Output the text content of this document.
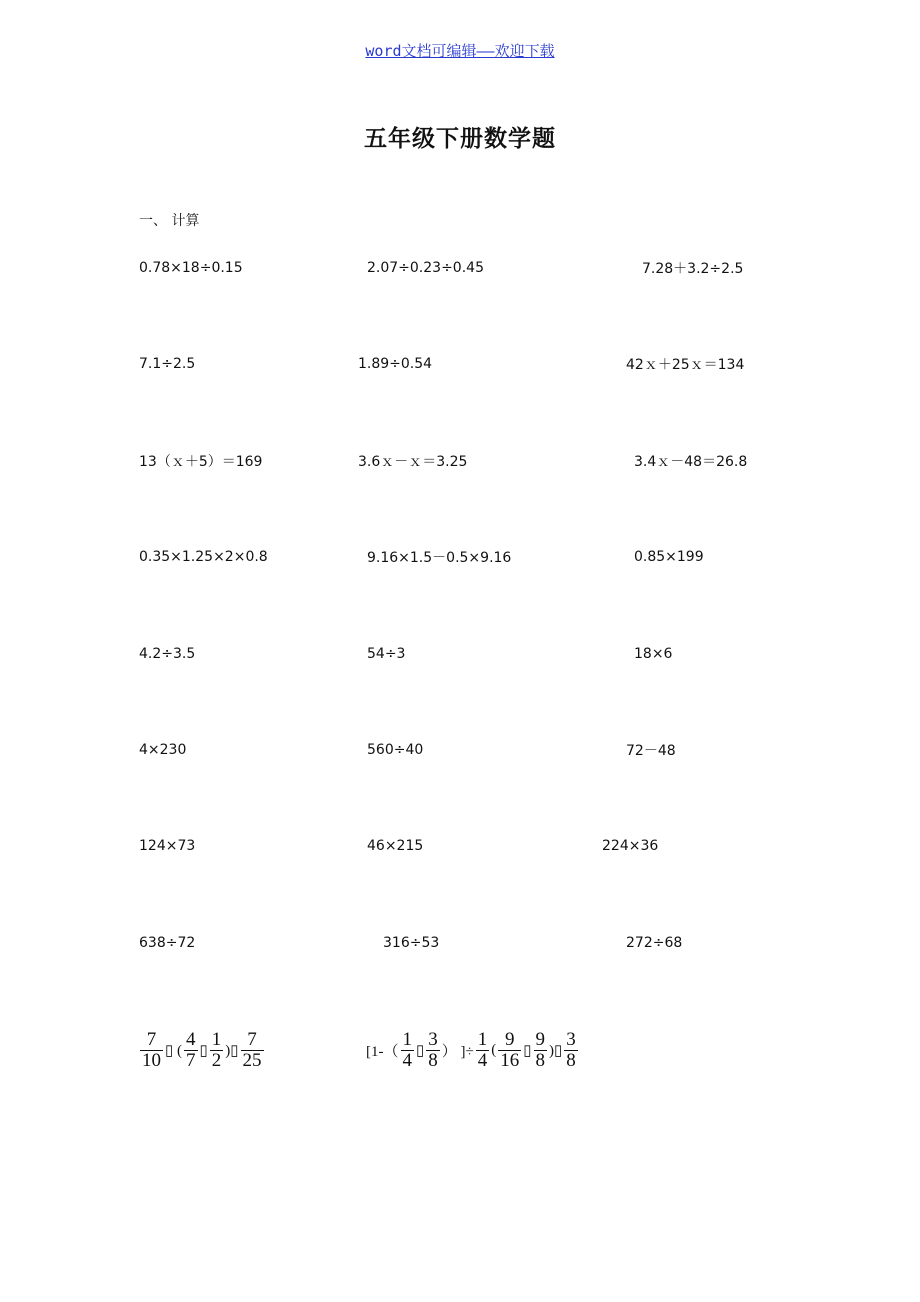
word文档可编辑——欢迎下载
五年级下册数学题
一、 计算
0.78×18÷0.15	2.07÷0.23÷0.45	7.28＋3.2÷2.5
7.1÷2.5	1.89÷0.54	42ｘ＋25ｘ＝134
13（ｘ＋5）＝169	3.6ｘ－ｘ＝3.25	3.4ｘ－48＝26.8
0.35×1.25×2×0.8	9.16×1.5－0.5×9.16	0.85×199
4.2÷3.5	54÷3	18×6
4×230	560÷40	72－48
124×73	46×215	224×36
638÷72	316÷53	272÷68
$\frac{7}{10}$ ▯ ( $\frac{4}{7}$ ▯ $\frac{1}{2}$ )▯ $\frac{7}{25}$	[$1-( \frac{1}{4}$ ▯ $\frac{3}{8}$ ） ]÷ $\frac{1}{4}$ ( $\frac{9}{16}$ ▯ $\frac{9}{8}$ )▯ $\frac{3}{8}$
